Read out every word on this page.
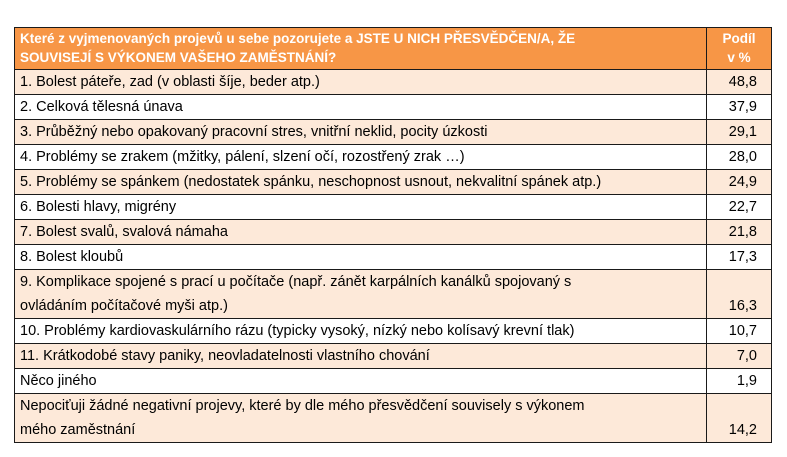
Které z vyjmenovaných projevů u sebe pozorujete a JSTE U NICH PŘESVĚDČEN/A, ŽE
SOUVISEJÍ S VÝKONEM VAŠEHO ZAMĚSTNÁNÍ?	Podíl
v %

1. Bolest páteře, zad (v oblasti šíje, beder atp.)	48,8
2. Celková tělesná únava	37,9
3. Průběžný nebo opakovaný pracovní stres, vnitřní neklid, pocity úzkosti	29,1
4. Problémy se zrakem (mžitky, pálení, slzení očí, rozostřený zrak …)	28,0
5. Problémy se spánkem (nedostatek spánku, neschopnost usnout, nekvalitní spánek atp.)	24,9
6. Bolesti hlavy, migrény	22,7
7. Bolest svalů, svalová námaha	21,8
8. Bolest kloubů	17,3

9. Komplikace spojené s prací u počítače (např. zánět karpálních kanálků spojovaný s
ovládáním počítačové myši atp.)	16,3
10. Problémy kardiovaskulárního rázu (typicky vysoký, nízký nebo kolísavý krevní tlak)	10,7
11. Krátkodobé stavy paniky, neovladatelnosti vlastního chování	7,0
Něco jiného	1,9

Nepociťuji žádné negativní projevy, které by dle mého přesvědčení souvisely s výkonem
mého zaměstnání	14,2
